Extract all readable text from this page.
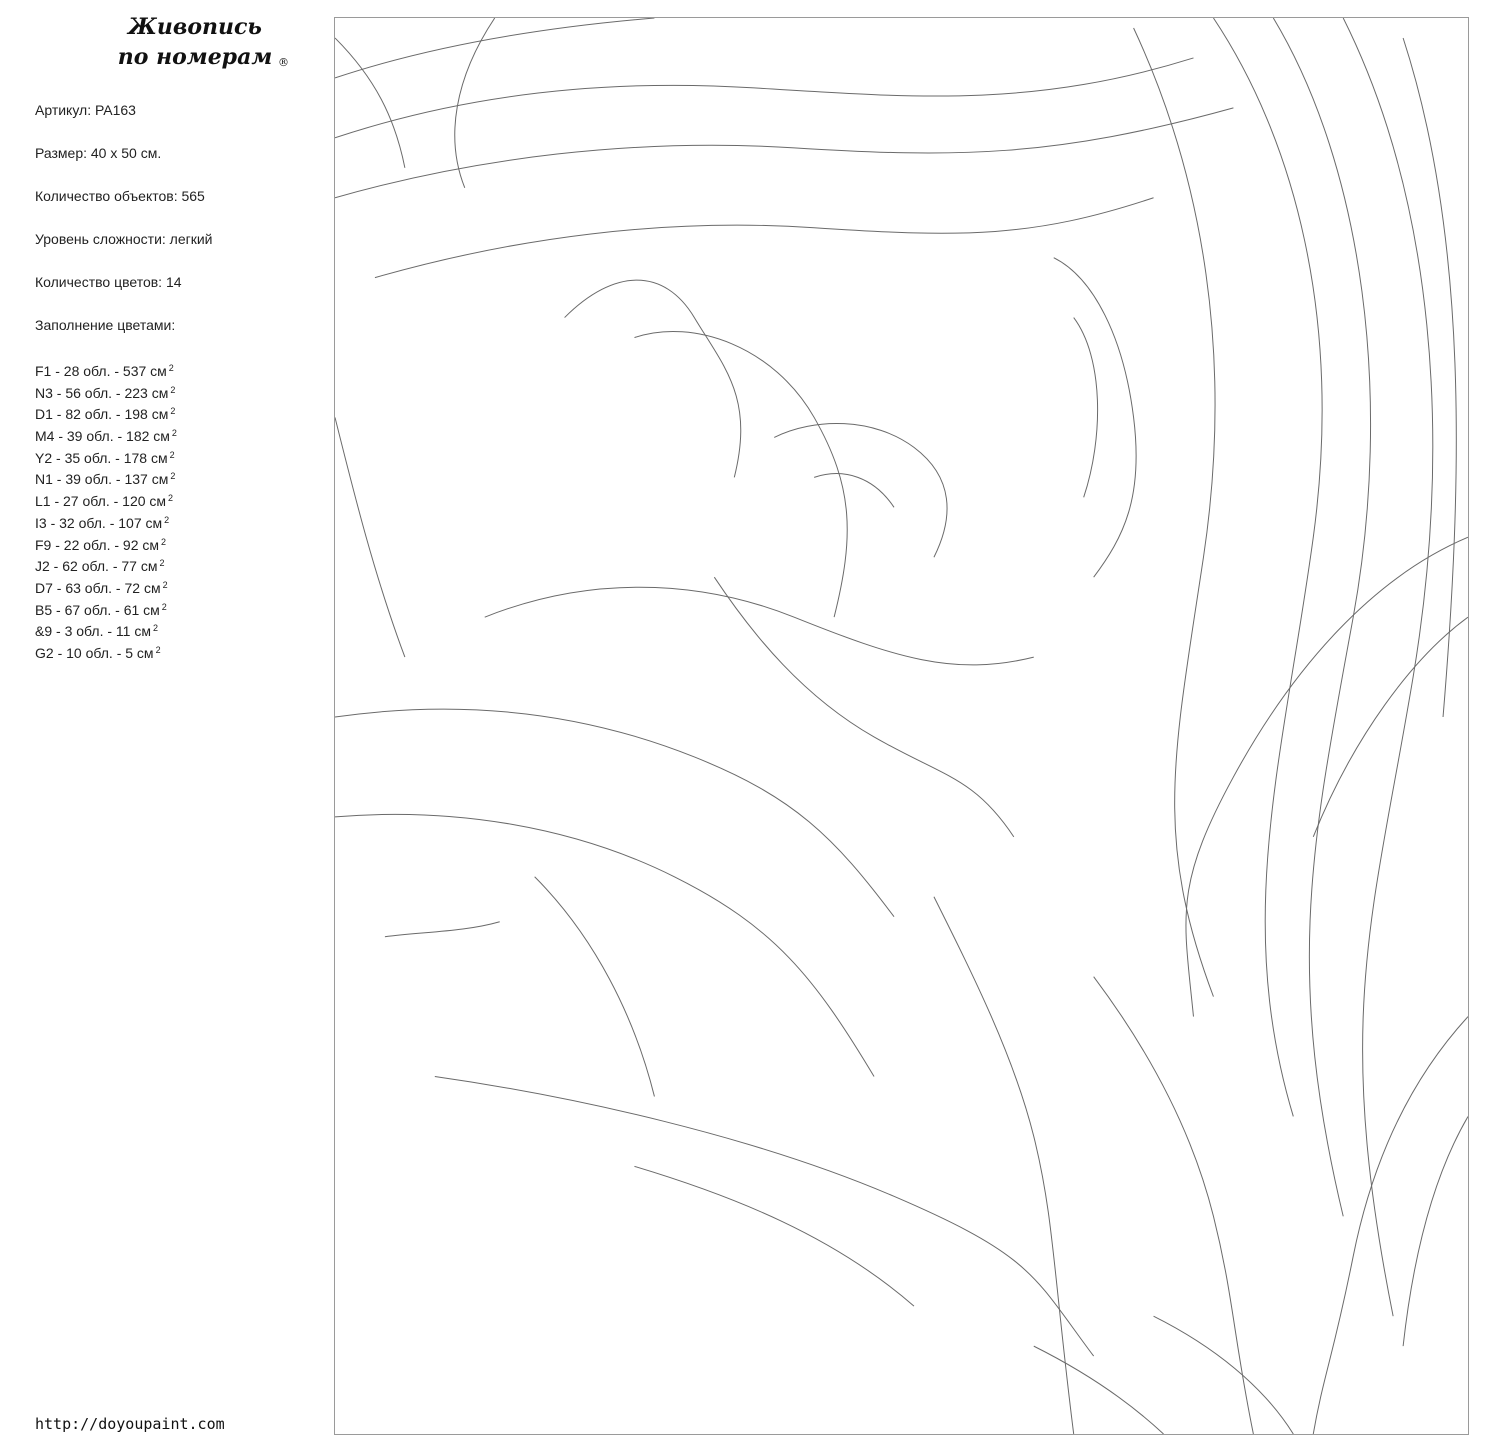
Живопись
по номерам ®
Артикул: PA163
Размер: 40 х 50 см.
Количество объектов: 565
Уровень сложности: легкий
Количество цветов: 14
Заполнение цветами:
F1 - 28 обл. - 537 см $^2$
N3 - 56 обл. - 223 см $^2$
D1 - 82 обл. - 198 см $^2$
M4 - 39 обл. - 182 см $^2$
Y2 - 35 обл. - 178 см $^2$
N1 - 39 обл. - 137 см $^2$
L1 - 27 обл. - 120 см $^2$
I3 - 32 обл. - 107 см $^2$
F9 - 22 обл. - 92 см $^2$
J2 - 62 обл. - 77 см $^2$
D7 - 63 обл. - 72 см $^2$
B5 - 67 обл. - 61 см $^2$
&9 - 3 обл. - 11 см $^2$
G2 - 10 обл. - 5 см $^2$
http://doyoupaint.com
